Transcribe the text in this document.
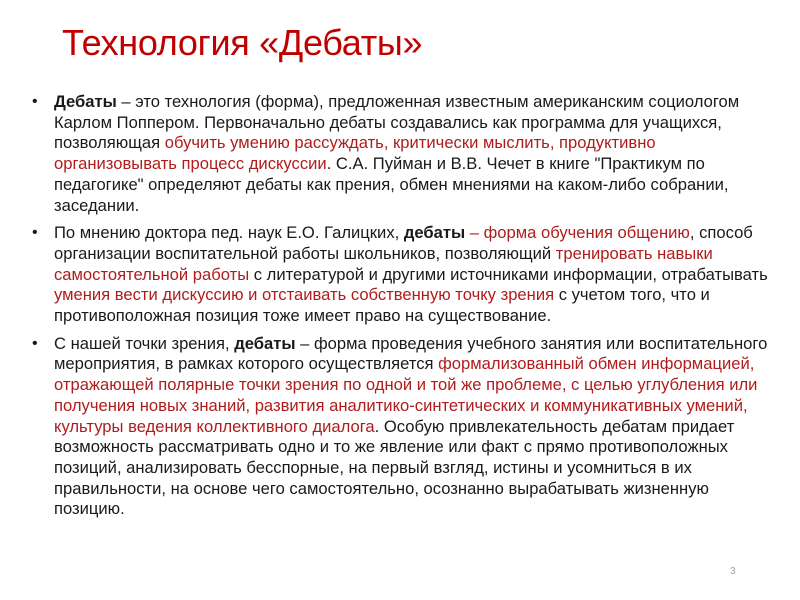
Технология «Дебаты»
• Дебаты – это технология (форма), предложенная известным американским социологом Карлом Поппером. Первоначально дебаты создавались как программа для учащихся, позволяющая обучить умению рассуждать, критически мыслить, продуктивно организовывать процесс дискуссии. С.А. Пуйман и В.В. Чечет в книге "Практикум по педагогике" определяют дебаты как прения, обмен мнениями на каком-либо собрании, заседании.
• По мнению доктора пед. наук Е.О. Галицких, дебаты – форма обучения общению, способ организации воспитательной работы школьников, позволяющий тренировать навыки самостоятельной работы с литературой и другими источниками информации, отрабатывать умения вести дискуссию и отстаивать собственную точку зрения с учетом того, что и противоположная позиция тоже имеет право на существование.
• С нашей точки зрения, дебаты – форма проведения учебного занятия или воспитательного мероприятия, в рамках которого осуществляется формализованный обмен информацией, отражающей полярные точки зрения по одной и той же проблеме, с целью углубления или получения новых знаний, развития аналитико-синтетических и коммуникативных умений, культуры ведения коллективного диалога. Особую привлекательность дебатам придает возможность рассматривать одно и то же явление или факт с прямо противоположных позиций, анализировать бесспорные, на первый взгляд, истины и усомниться в их правильности, на основе чего самостоятельно, осознанно вырабатывать жизненную позицию.
3
